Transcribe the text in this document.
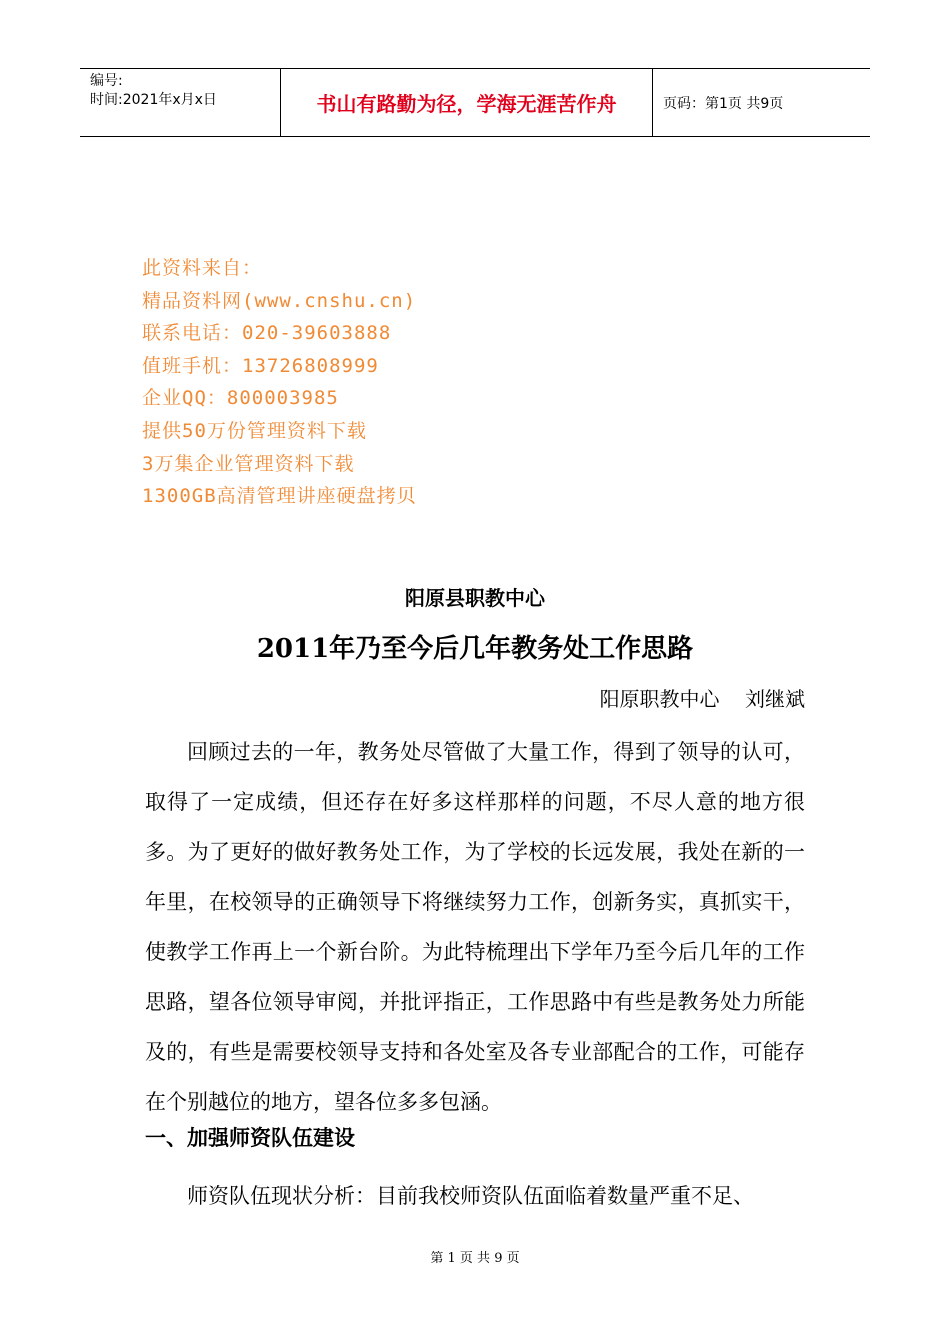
编号:
时间:2021年x月x日	书山有路勤为径，学海无涯苦作舟	页码：第1页 共9页
此资料来自：
精品资料网(www.cnshu.cn)
联系电话：020-39603888
值班手机：13726808999
企业QQ：800003985
提供50万份管理资料下载
3万集企业管理资料下载
1300GB高清管理讲座硬盘拷贝
阳原县职教中心
2011年乃至今后几年教务处工作思路
阳原职教中心    刘继斌

回顾过去的一年，教务处尽管做了大量工作，得到了领导的认可，取得了一定成绩，但还存在好多这样那样的问题，不尽人意的地方很多。为了更好的做好教务处工作，为了学校的长远发展，我处在新的一年里，在校领导的正确领导下将继续努力工作，创新务实，真抓实干，使教学工作再上一个新台阶。为此特梳理出下学年乃至今后几年的工作思路，望各位领导审阅，并批评指正，工作思路中有些是教务处力所能及的，有些是需要校领导支持和各处室及各专业部配合的工作，可能存在个别越位的地方，望各位多多包涵。

一、加强师资队伍建设

师资队伍现状分析：目前我校师资队伍面临着数量严重不足、

第 1 页 共 9 页
